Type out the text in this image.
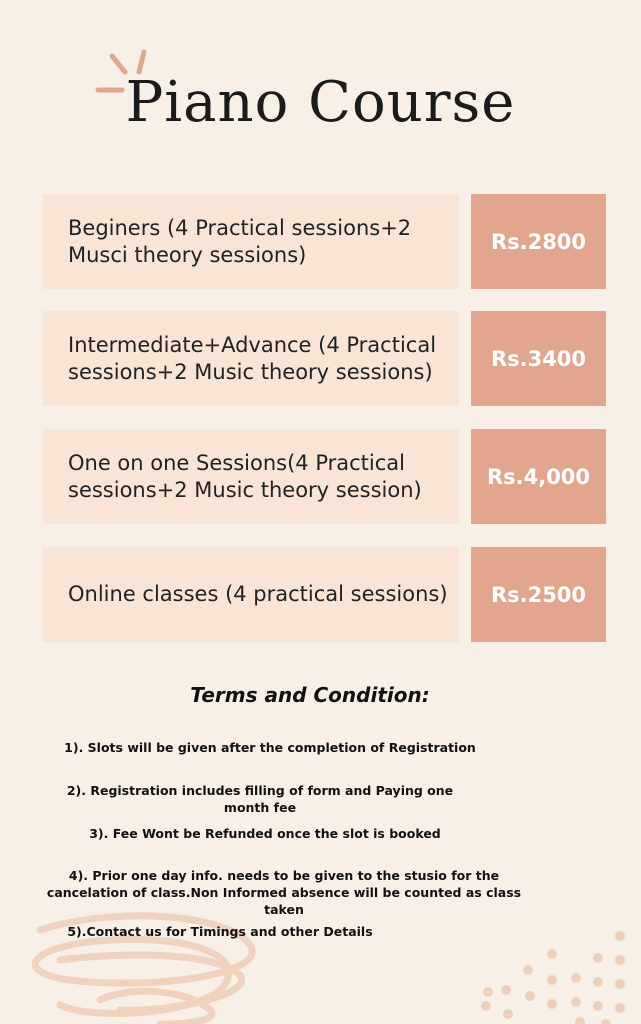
Piano Course
Beginers (4 Practical sessions+2 Musci theory sessions)
Rs.2800
Intermediate+Advance (4 Practical sessions+2 Music theory sessions)
Rs.3400
One on one Sessions(4 Practical sessions+2 Music theory session)
Rs.4,000
Online classes (4 practical sessions)	Rs.2500
Terms and Condition:
1). Slots will be given after the completion of Registration
2). Registration includes filling of form and Paying one month fee
3). Fee Wont be Refunded once the slot is booked
4). Prior one day info. needs to be given to the stusio for the cancelation of class.Non Informed absence will be counted as class taken
5).Contact us for Timings and other Details
